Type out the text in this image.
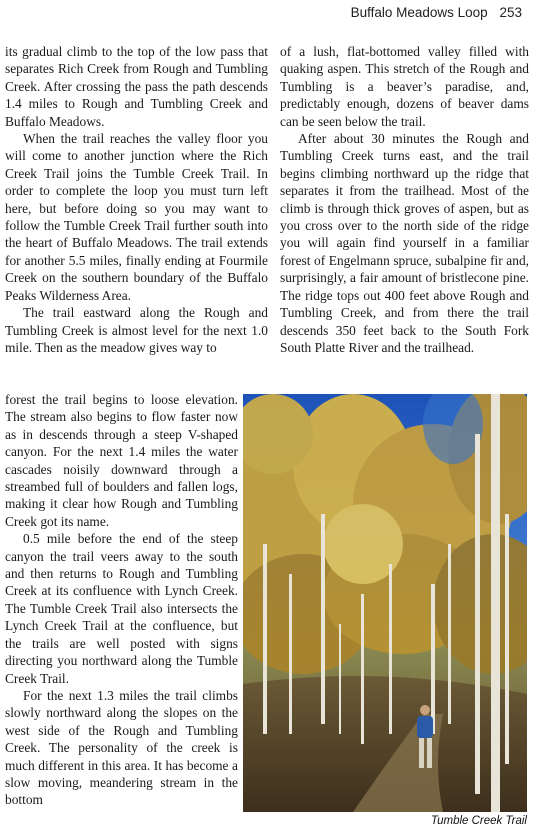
Buffalo Meadows Loop 253

its gradual climb to the top of the low pass that separates Rich Creek from Rough and Tumbling Creek. After crossing the pass the path descends 1.4 miles to Rough and Tumbling Creek and Buffalo Meadows.

When the trail reaches the valley floor you will come to another junction where the Rich Creek Trail joins the Tumble Creek Trail. In order to complete the loop you must turn left here, but before doing so you may want to follow the Tumble Creek Trail further south into the heart of Buffalo Meadows. The trail extends for another 5.5 miles, finally ending at Fourmile Creek on the southern boundary of the Buffalo Peaks Wilderness Area.

The trail eastward along the Rough and Tumbling Creek is almost level for the next 1.0 mile. Then as the meadow gives way to

forest the trail begins to loose elevation. The stream also begins to flow faster now as in descends through a steep V-shaped canyon. For the next 1.4 miles the water cascades noisily downward through a streambed full of boulders and fallen logs, making it clear how Rough and Tumbling Creek got its name.

0.5 mile before the end of the steep canyon the trail veers away to the south and then returns to Rough and Tumbling Creek at its confluence with Lynch Creek. The Tumble Creek Trail also intersects the Lynch Creek Trail at the confluence, but the trails are well posted with signs directing you northward along the Tumble Creek Trail.

For the next 1.3 miles the trail climbs slowly northward along the slopes on the west side of the Rough and Tumbling Creek. The personality of the creek is much different in this area. It has become a slow moving, meandering stream in the bottom

of a lush, flat-bottomed valley filled with quaking aspen. This stretch of the Rough and Tumbling is a beaver’s paradise, and, predictably enough, dozens of beaver dams can be seen below the trail.

After about 30 minutes the Rough and Tumbling Creek turns east, and the trail begins climbing northward up the ridge that separates it from the trailhead. Most of the climb is through thick groves of aspen, but as you cross over to the north side of the ridge you will again find yourself in a familiar forest of Engelmann spruce, subalpine fir and, surprisingly, a fair amount of bristlecone pine. The ridge tops out 400 feet above Rough and Tumbling Creek, and from there the trail descends 350 feet back to the South Fork South Platte River and the trailhead.

Tumble Creek Trail
